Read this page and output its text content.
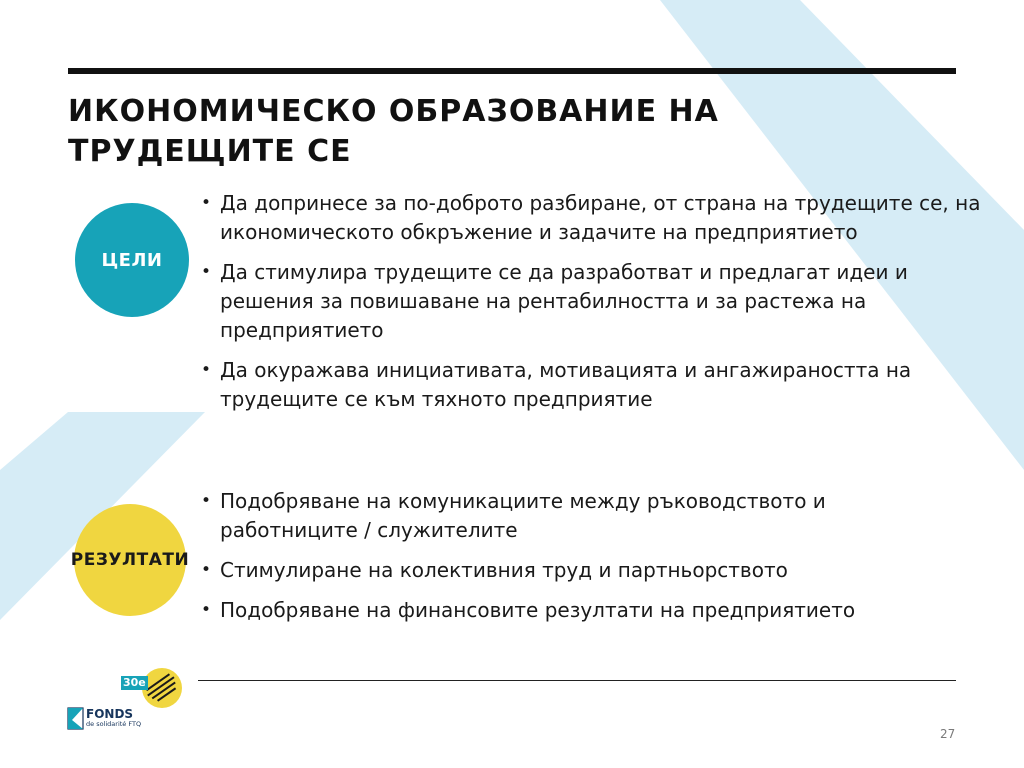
ИКОНОМИЧЕСКО ОБРАЗОВАНИЕ НА ТРУДЕЩИТЕ СЕ
ЦЕЛИ
• Да допринесе за по-доброто разбиране, от страна на трудещите се, на икономическото обкръжение и задачите на предприятието
• Да стимулира трудещите се да разработват и предлагат идеи и решения за повишаване на рентабилността и за растежа на предприятието
• Да окуражава инициативата, мотивацията и ангажираността на трудещите се към тяхното предприятие
РЕЗУЛТАТИ
• Подобряване на комуникациите между ръководството и работниците / служителите
• Стимулиране на колективния труд и партньорството
• Подобряване на финансовите резултати на предприятието
30e
FONDS
de solidarité FTQ
27
